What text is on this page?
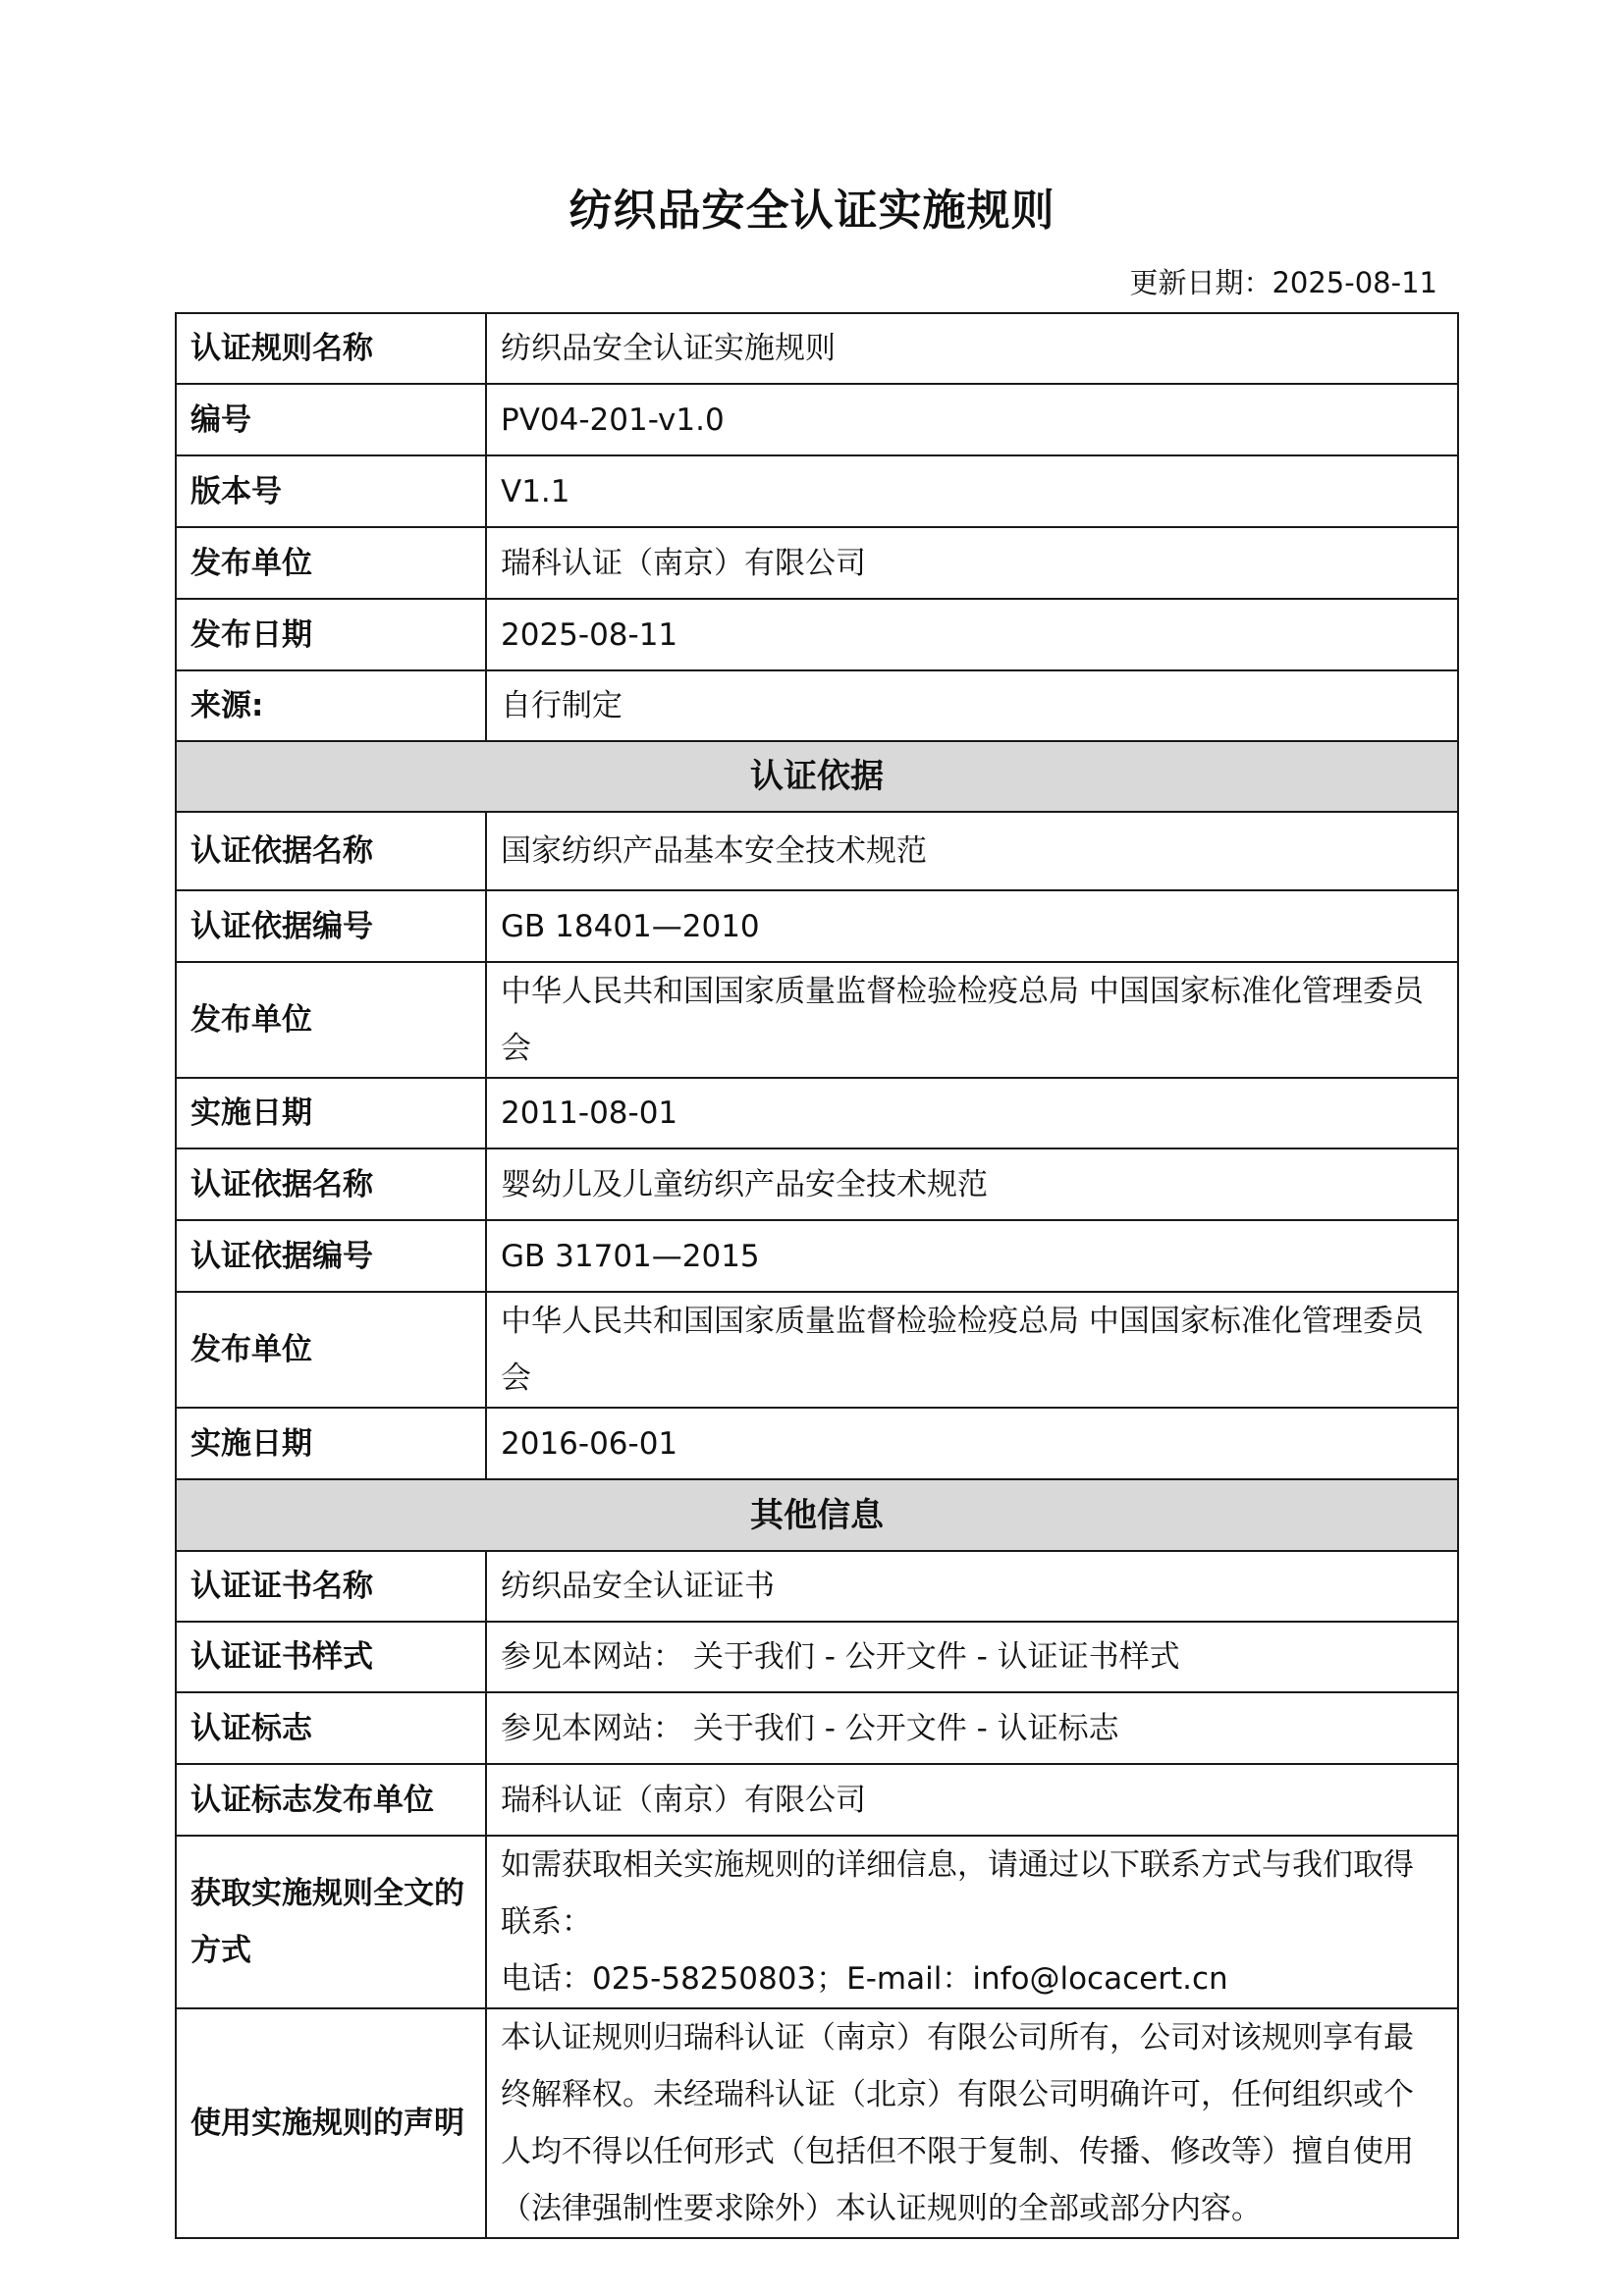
纺织品安全认证实施规则
更新日期：2025-08-11
认证规则名称	纺织品安全认证实施规则
编号	PV04-201-v1.0
版本号	V1.1
发布单位	瑞科认证（南京）有限公司
发布日期	2025-08-11
来源:	自行制定
认证依据	
认证依据名称	国家纺织产品基本安全技术规范
认证依据编号	GB 18401—2010
发布单位	中华人民共和国国家质量监督检验检疫总局 中国国家标准化管理委员会
实施日期	2011-08-01
认证依据名称	婴幼儿及儿童纺织产品安全技术规范
认证依据编号	GB 31701—2015
发布单位	中华人民共和国国家质量监督检验检疫总局 中国国家标准化管理委员会
实施日期	2016-06-01
其他信息	
认证证书名称	纺织品安全认证证书
认证证书样式	参见本网站： 关于我们 - 公开文件 - 认证证书样式
认证标志	参见本网站： 关于我们 - 公开文件 - 认证标志
认证标志发布单位	瑞科认证（南京）有限公司
获取实施规则全文的方式	如需获取相关实施规则的详细信息，请通过以下联系方式与我们取得联系：
电话：025-58250803；E-mail：info@locacert.cn
使用实施规则的声明	本认证规则归瑞科认证（南京）有限公司所有，公司对该规则享有最终解释权。未经瑞科认证（北京）有限公司明确许可，任何组织或个人均不得以任何形式（包括但不限于复制、传播、修改等）擅自使用（法律强制性要求除外）本认证规则的全部或部分内容。
